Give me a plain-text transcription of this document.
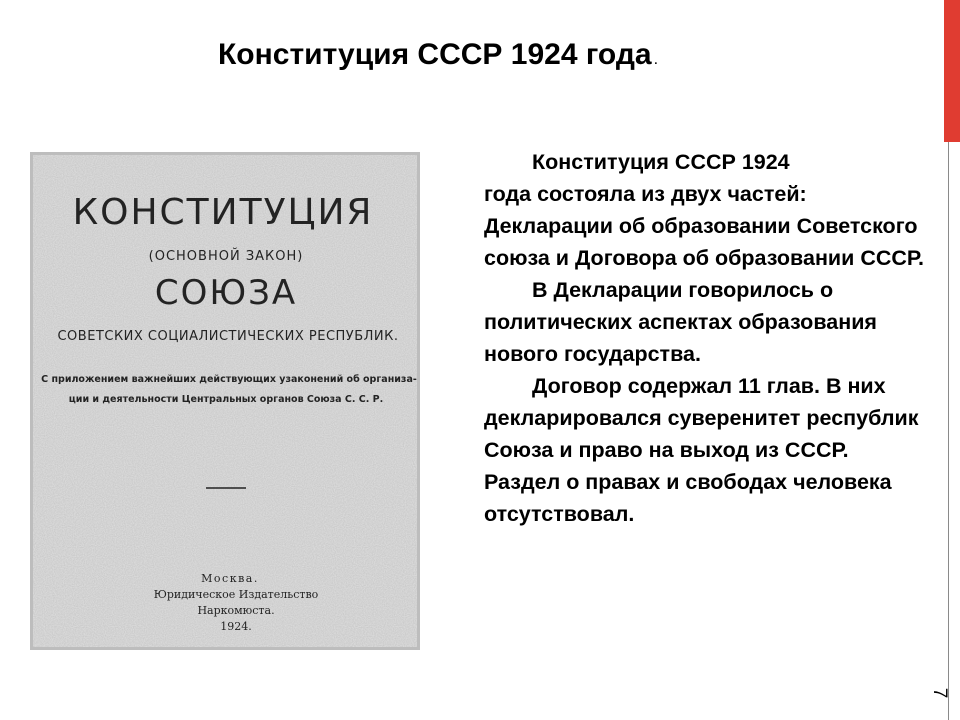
Конституция СССР 1924 года .
7
КОНСТИТУЦИЯ
(ОСНОВНОЙ ЗАКОН)
СОЮЗА
СОВЕТСКИХ СОЦИАЛИСТИЧЕСКИХ РЕСПУБЛИК.
С приложением важнейших действующих узаконений об организа-
ции и деятельности Центральных органов Союза С. С. Р.
Москва.
Юридическое Издательство
Наркомюста.
1924.

Конституция СССР 1924

года состояла из двух частей: Декларации об образовании Советского союза и Договора об образовании СССР.

В Декларации говорилось о политических аспектах образования нового государства.

Договор содержал 11 глав. В них декларировался суверенитет республик Союза и право на выход из СССР. Раздел о правах и свободах человека отсутствовал.
